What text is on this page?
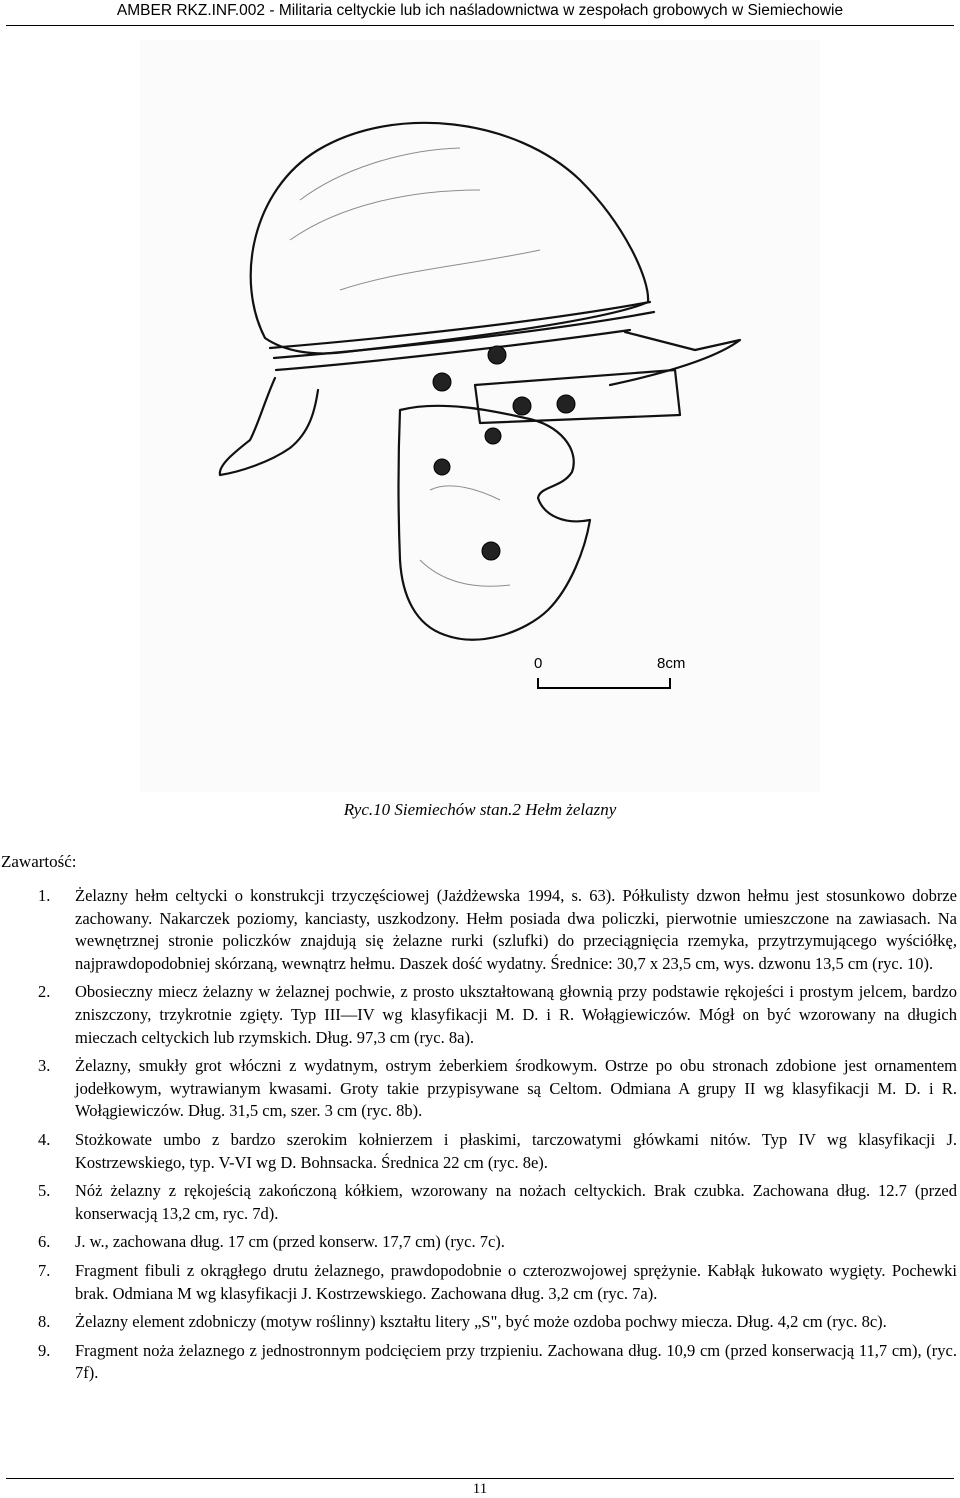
AMBER RKZ.INF.002 - Militaria celtyckie lub ich naśladownictwa w zespołach grobowych w Siemiechowie
0	8cm
Ryc.10 Siemiechów stan.2 Hełm żelazny
Zawartość:
1. Żelazny hełm celtycki o konstrukcji trzyczęściowej (Jażdżewska 1994, s. 63). Półkulisty dzwon hełmu jest stosunkowo dobrze zachowany. Nakarczek poziomy, kanciasty, uszkodzony. Hełm posiada dwa policzki, pierwotnie umieszczone na zawiasach. Na wewnętrznej stronie policzków znajdują się żelazne rurki (szlufki) do przeciągnięcia rzemyka, przytrzymującego wyściółkę, najprawdopodobniej skórzaną, wewnątrz hełmu. Daszek dość wydatny. Średnice: 30,7 x 23,5 cm, wys. dzwonu 13,5 cm (ryc. 10).
2. Obosieczny miecz żelazny w żelaznej pochwie, z prosto ukształtowaną głownią przy podstawie rękojeści i prostym jelcem, bardzo zniszczony, trzykrotnie zgięty. Typ III—IV wg klasyfikacji M. D. i R. Wołągiewiczów. Mógł on być wzorowany na długich mieczach celtyckich lub rzymskich. Dług. 97,3 cm (ryc. 8a).
3. Żelazny, smukły grot włóczni z wydatnym, ostrym żeberkiem środkowym. Ostrze po obu stronach zdobione jest ornamentem jodełkowym, wytrawianym kwasami. Groty takie przypisywane są Celtom. Odmiana A grupy II wg klasyfikacji M. D. i R. Wołągiewiczów. Dług. 31,5 cm, szer. 3 cm (ryc. 8b).
4. Stożkowate umbo z bardzo szerokim kołnierzem i płaskimi, tarczowatymi główkami nitów. Typ IV wg klasyfikacji J. Kostrzewskiego, typ. V-VI wg D. Bohnsacka. Średnica 22 cm (ryc. 8e).
5. Nóż żelazny z rękojeścią zakończoną kółkiem, wzorowany na nożach celtyckich. Brak czubka. Zachowana dług. 12.7 (przed konserwacją 13,2 cm, ryc. 7d).
6. J. w., zachowana dług. 17 cm (przed konserw. 17,7 cm) (ryc. 7c).
7. Fragment fibuli z okrągłego drutu żelaznego, prawdopodobnie o czterozwojowej sprężynie. Kabłąk łukowato wygięty. Pochewki brak. Odmiana M wg klasyfikacji J. Kostrzewskiego. Zachowana dług. 3,2 cm (ryc. 7a).
8. Żelazny element zdobniczy (motyw roślinny) kształtu litery „S", być może ozdoba pochwy miecza. Dług. 4,2 cm (ryc. 8c).
9. Fragment noża żelaznego z jednostronnym podcięciem przy trzpieniu. Zachowana dług. 10,9 cm (przed konserwacją 11,7 cm), (ryc. 7f).
11
